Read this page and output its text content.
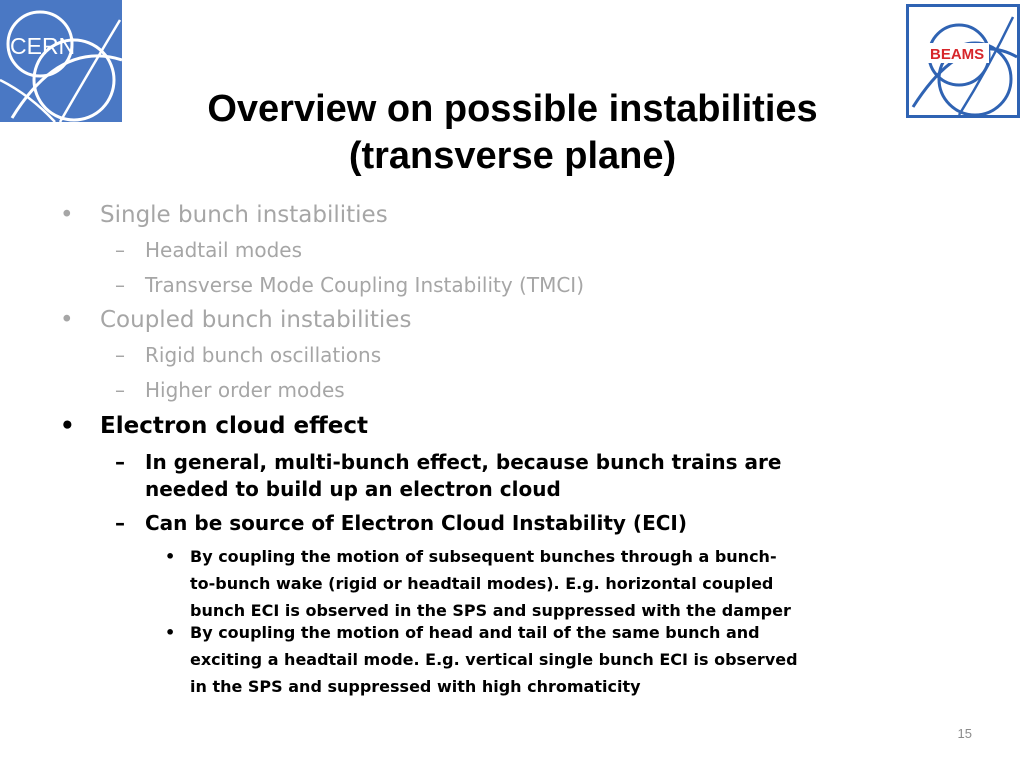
CERN	BEAMS
Overview on possible instabilities
(transverse plane)
• Single bunch instabilities
– Headtail modes
– Transverse Mode Coupling Instability (TMCI)
• Coupled bunch instabilities
– Rigid bunch oscillations
– Higher order modes
• Electron cloud effect
– In general, multi-bunch effect, because bunch trains are
needed to build up an electron cloud
– Can be source of Electron Cloud Instability (ECI)
• By coupling the motion of subsequent bunches through a bunch-
to-bunch wake (rigid or headtail modes). E.g. horizontal coupled
bunch ECI is observed in the SPS and suppressed with the damper
• By coupling the motion of head and tail of the same bunch and
exciting a headtail mode. E.g. vertical single bunch ECI is observed
in the SPS and suppressed with high chromaticity
15
